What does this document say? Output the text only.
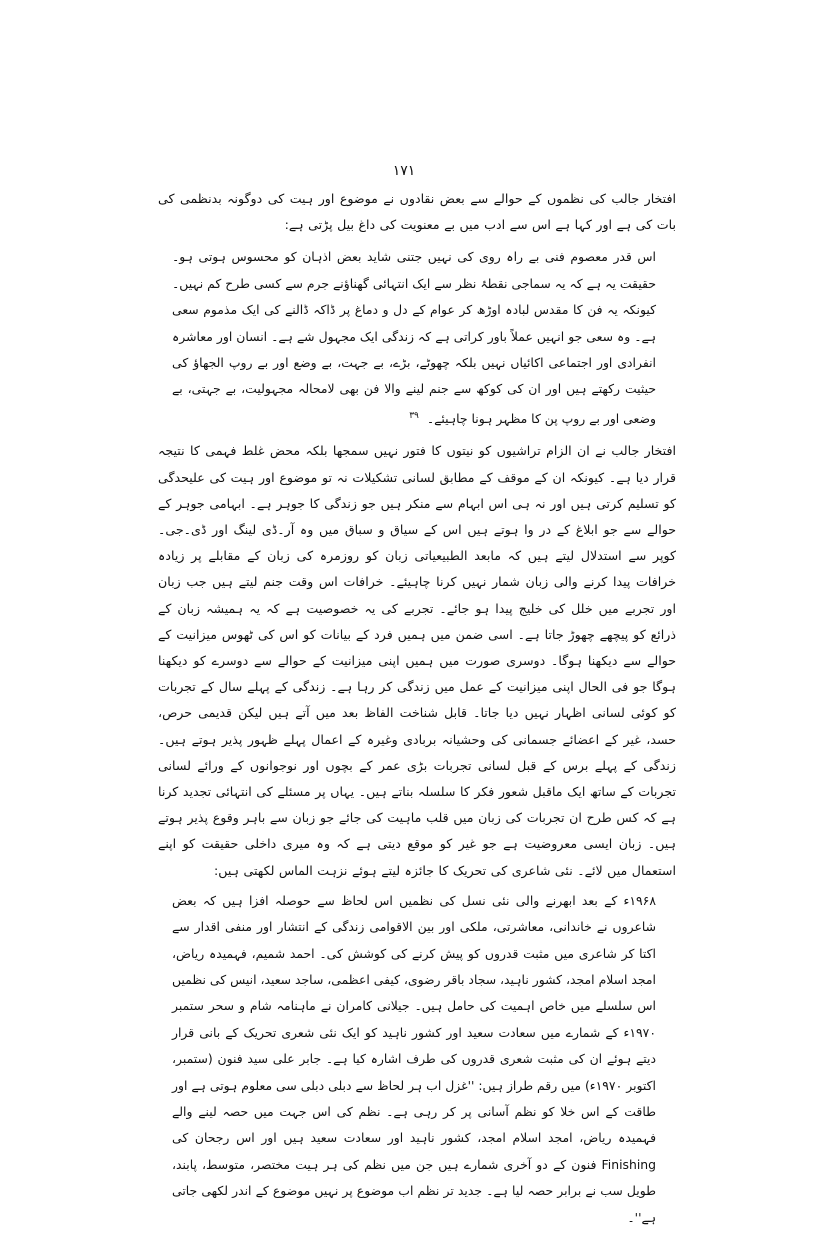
۱۷۱

افتخار جالب کی نظموں کے حوالے سے بعض نقادوں نے موضوع اور ہیت کی دوگونہ بدنظمی کی بات کی ہے اور کہا ہے اس سے ادب میں بے معنویت کی داغ بیل پڑتی ہے:

اس قدر معصوم فنی بے راہ روی کی نہیں جتنی شاید بعض اذہان کو محسوس ہوتی ہو۔ حقیقت یہ ہے کہ یہ سماجی نقطۂ نظر سے ایک انتہائی گھناؤنے جرم سے کسی طرح کم نہیں۔ کیونکہ یہ فن کا مقدس لبادہ اوڑھ کر عوام کے دل و دماغ پر ڈاکہ ڈالنے کی ایک مذموم سعی ہے۔ وہ سعی جو انہیں عملاً باور کراتی ہے کہ زندگی ایک مجہول شے ہے۔ انسان اور معاشرہ انفرادی اور اجتماعی اکائیاں نہیں بلکہ چھوٹے، بڑے، بے جہت، بے وضع اور بے روپ الجھاؤ کی حیثیت رکھتے ہیں اور ان کی کوکھ سے جنم لینے والا فن بھی لامحالہ مجہولیت، بے جہتی، بے وضعی اور بے روپ پن کا مظہر ہونا چاہیئے۔$^{۳۹}$

افتخار جالب نے ان الزام تراشیوں کو نیتوں کا فتور نہیں سمجھا بلکہ محض غلط فہمی کا نتیجہ قرار دیا ہے۔ کیونکہ ان کے موقف کے مطابق لسانی تشکیلات نہ تو موضوع اور ہیت کی علیحدگی کو تسلیم کرتی ہیں اور نہ ہی اس ابہام سے منکر ہیں جو زندگی کا جوہر ہے۔ ابہامی جوہر کے حوالے سے جو ابلاغ کے در وا ہوتے ہیں اس کے سیاق و سباق میں وہ آر۔ڈی لینگ اور ڈی۔جی۔کوپر سے استدلال لیتے ہیں کہ مابعد الطبیعیاتی زبان کو روزمرہ کی زبان کے مقابلے پر زیادہ خرافات پیدا کرنے والی زبان شمار نہیں کرنا چاہیئے۔ خرافات اس وقت جنم لیتے ہیں جب زبان اور تجربے میں خلل کی خلیج پیدا ہو جائے۔ تجربے کی یہ خصوصیت ہے کہ یہ ہمیشہ زبان کے ذرائع کو پیچھے چھوڑ جاتا ہے۔ اسی ضمن میں ہمیں فرد کے بیانات کو اس کی ٹھوس میزانیت کے حوالے سے دیکھنا ہوگا۔ دوسری صورت میں ہمیں اپنی میزانیت کے حوالے سے دوسرے کو دیکھنا ہوگا جو فی الحال اپنی میزانیت کے عمل میں زندگی کر رہا ہے۔ زندگی کے پہلے سال کے تجربات کو کوئی لسانی اظہار نہیں دیا جاتا۔ قابل شناخت الفاظ بعد میں آتے ہیں لیکن قدیمی حرص، حسد، غیر کے اعضائے جسمانی کی وحشیانہ بربادی وغیرہ کے اعمال پہلے ظہور پذیر ہوتے ہیں۔ زندگی کے پہلے برس کے قبل لسانی تجربات بڑی عمر کے بچوں اور نوجوانوں کے ورائے لسانی تجربات کے ساتھ ایک ماقبل شعور فکر کا سلسلہ بناتے ہیں۔ یہاں پر مسئلے کی انتہائی تجدید کرنا ہے کہ کس طرح ان تجربات کی زبان میں قلب ماہیت کی جائے جو زبان سے باہر وقوع پذیر ہوتے ہیں۔ زبان ایسی معروضیت ہے جو غیر کو موقع دیتی ہے کہ وہ میری داخلی حقیقت کو اپنے استعمال میں لائے۔ نئی شاعری کی تحریک کا جائزہ لیتے ہوئے نزہت الماس لکھتی ہیں:

۱۹۶۸ء کے بعد ابھرنے والی نئی نسل کی نظمیں اس لحاظ سے حوصلہ افزا ہیں کہ بعض شاعروں نے خاندانی، معاشرتی، ملکی اور بین الاقوامی زندگی کے انتشار اور منفی اقدار سے اکتا کر شاعری میں مثبت قدروں کو پیش کرنے کی کوشش کی۔ احمد شمیم، فہمیدہ ریاض، امجد اسلام امجد، کشور ناہید، سجاد باقر رضوی، کیفی اعظمی، ساجد سعید، انیس کی نظمیں اس سلسلے میں خاص اہمیت کی حامل ہیں۔ جیلانی کامران نے ماہنامہ شام و سحر ستمبر ۱۹۷۰ء کے شمارے میں سعادت سعید اور کشور ناہید کو ایک نئی شعری تحریک کے بانی قرار دیتے ہوئے ان کی مثبت شعری قدروں کی طرف اشارہ کیا ہے۔ جابر علی سید فنون (ستمبر، اکتوبر ۱۹۷۰ء) میں رقم طراز ہیں: ''غزل اب ہر لحاظ سے دبلی دبلی سی معلوم ہوتی ہے اور طاقت کے اس خلا کو نظم آسانی پر کر رہی ہے۔ نظم کی اس جہت میں حصہ لینے والے فہمیدہ ریاض، امجد اسلام امجد، کشور ناہید اور سعادت سعید ہیں اور اس رجحان کی Finishing فنون کے دو آخری شمارے ہیں جن میں نظم کی ہر ہیت مختصر، متوسط، پابند، طویل سب نے برابر حصہ لیا ہے۔ جدید تر نظم اب موضوع پر نہیں موضوع کے اندر لکھی جاتی ہے''۔
